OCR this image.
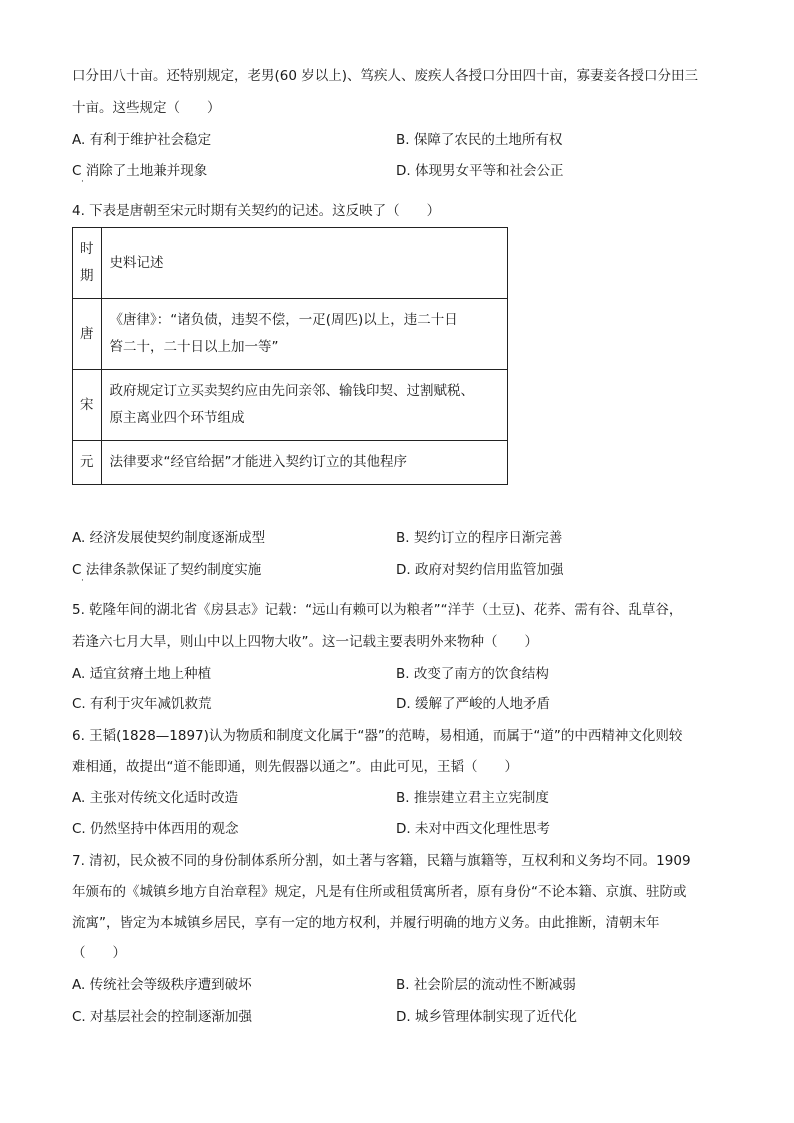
口分田八十亩。还特别规定，老男(60 岁以上)、笃疾人、废疾人各授口分田四十亩，寡妻妾各授口分田三
十亩。这些规定（　　）
A. 有利于维护社会稳定	B. 保障了农民的土地所有权
C 消除了土地兼并现象
·
D. 体现男女平等和社会公正
4. 下表是唐朝至宋元时期有关契约的记述。这反映了（　　）
时期	史料记述
唐	《唐律》：“诸负债，违契不偿，一疋(周匹)以上，违二十日
笞二十，二十日以上加一等”

宋	政府规定订立买卖契约应由先问亲邻、输钱印契、过割赋税、
原主离业四个环节组成

元	法律要求“经官给据”才能进入契约订立的其他程序
A. 经济发展使契约制度逐渐成型	B. 契约订立的程序日渐完善
C 法律条款保证了契约制度实施
·
D. 政府对契约信用监管加强
5. 乾隆年间的湖北省《房县志》记载：“远山有赖可以为粮者”“洋芋（土豆)、花荞、需有谷、乱草谷，
若逢六七月大旱，则山中以上四物大收”。这一记载主要表明外来物种（　　）
A. 适宜贫瘠土地上种植	B. 改变了南方的饮食结构
C. 有利于灾年减饥救荒	D. 缓解了严峻的人地矛盾
6. 王韬(1828—1897)认为物质和制度文化属于“器”的范畴，易相通，而属于“道”的中西精神文化则较
难相通，故提出“道不能即通，则先假器以通之”。由此可见，王韬（　　）
A. 主张对传统文化适时改造	B. 推崇建立君主立宪制度
C. 仍然坚持中体西用的观念	D. 未对中西文化理性思考
7. 清初，民众被不同的身份制体系所分割，如土著与客籍，民籍与旗籍等，互权利和义务均不同。1909
年颁布的《城镇乡地方自治章程》规定，凡是有住所或租赁寓所者，原有身份“不论本籍、京旗、驻防或
流寓”，皆定为本城镇乡居民，享有一定的地方权利，并履行明确的地方义务。由此推断，清朝末年
（　　）
A. 传统社会等级秩序遭到破坏	B. 社会阶层的流动性不断减弱
C. 对基层社会的控制逐渐加强	D. 城乡管理体制实现了近代化
